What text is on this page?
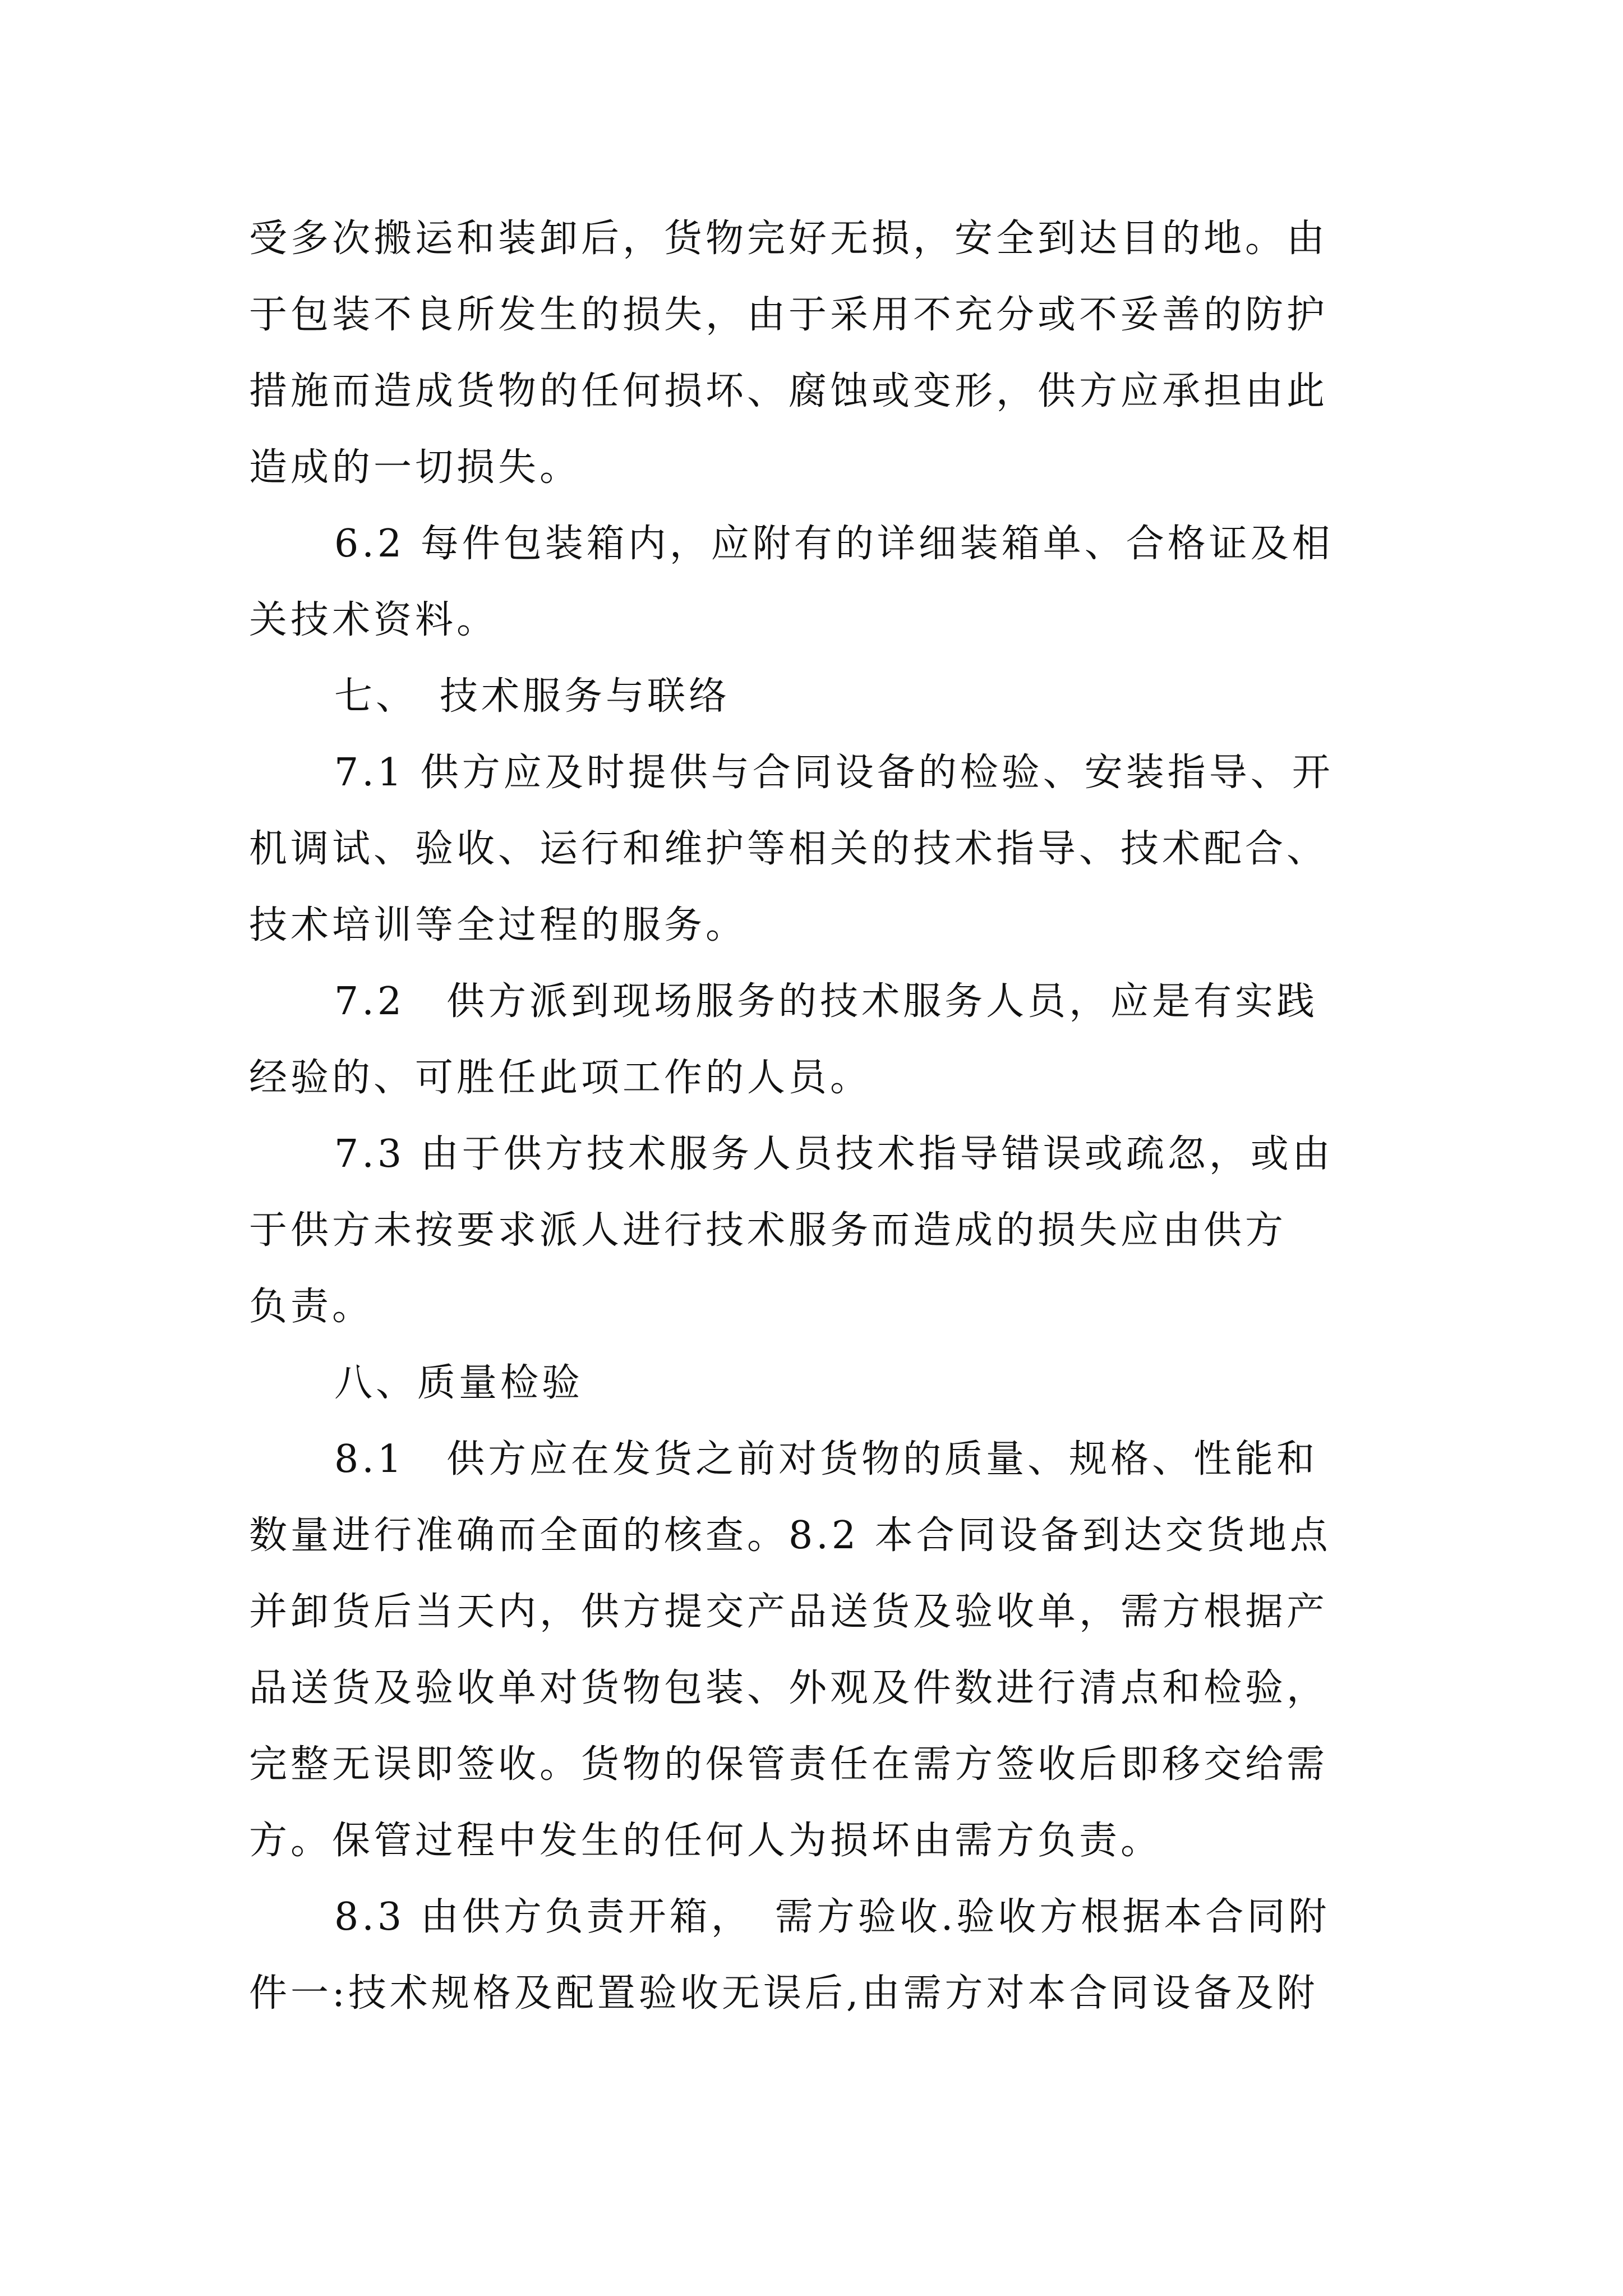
受多次搬运和装卸后，货物完好无损，安全到达目的地。由
于包装不良所发生的损失，由于采用不充分或不妥善的防护
措施而造成货物的任何损坏、腐蚀或变形，供方应承担由此
造成的一切损失。
6.2 每件包装箱内，应附有的详细装箱单、合格证及相
关技术资料。
七、　技术服务与联络
7.1 供方应及时提供与合同设备的检验、安装指导、开
机调试、验收、运行和维护等相关的技术指导、技术配合、
技术培训等全过程的服务。
7.2　供方派到现场服务的技术服务人员，应是有实践
经验的、可胜任此项工作的人员。
7.3 由于供方技术服务人员技术指导错误或疏忽，或由
于供方未按要求派人进行技术服务而造成的损失应由供方
负责。
八、质量检验
8.1　供方应在发货之前对货物的质量、规格、性能和
数量进行准确而全面的核查。8.2 本合同设备到达交货地点
并卸货后当天内，供方提交产品送货及验收单，需方根据产
品送货及验收单对货物包装、外观及件数进行清点和检验，
完整无误即签收。货物的保管责任在需方签收后即移交给需
方。保管过程中发生的任何人为损坏由需方负责。
8.3 由供方负责开箱，　需方验收.验收方根据本合同附
件一:技术规格及配置验收无误后,由需方对本合同设备及附
